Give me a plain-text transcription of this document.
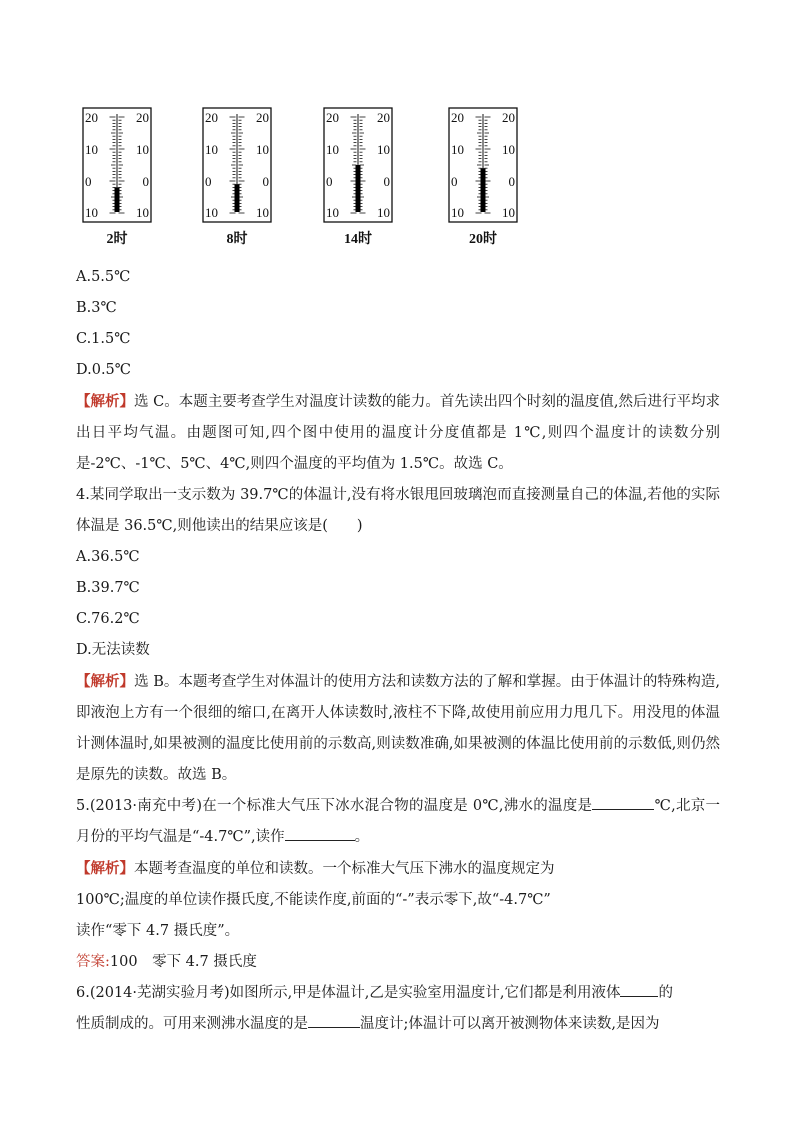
20	20
10	10
0	0
10	10
2时
20	20
10	10
0	0
10	10
8时
20	20
10	10
0	0
10	10
14时
20	20
10	10
0	0
10	10
20时

A.5.5℃

B.3℃

C.1.5℃

D.0.5℃

【解析】选 C。本题主要考查学生对温度计读数的能力。首先读出四个时刻的温度值,然后进行平均求出日平均气温。由题图可知,四个图中使用的温度计分度值都是 1℃,则四个温度计的读数分别是-2℃、-1℃、5℃、4℃,则四个温度的平均值为 1.5℃。故选 C。

4.某同学取出一支示数为 39.7℃的体温计,没有将水银甩回玻璃泡而直接测量自己的体温,若他的实际体温是 36.5℃,则他读出的结果应该是(　　)

A.36.5℃

B.39.7℃

C.76.2℃

D.无法读数

【解析】选 B。本题考查学生对体温计的使用方法和读数方法的了解和掌握。由于体温计的特殊构造,即液泡上方有一个很细的缩口,在离开人体读数时,液柱不下降,故使用前应用力甩几下。用没甩的体温计测体温时,如果被测的温度比使用前的示数高,则读数准确,如果被测的体温比使用前的示数低,则仍然是原先的读数。故选 B。

5.(2013·南充中考)在一个标准大气压下冰水混合物的温度是 0℃,沸水的温度是	℃,北京一月份的平均气温是“-4.7℃”,读作	。

【解析】本题考查温度的单位和读数。一个标准大气压下沸水的温度规定为

100℃;温度的单位读作摄氏度,不能读作度,前面的“-”表示零下,故“-4.7℃”

读作“零下 4.7 摄氏度”。

答案:100　零下 4.7 摄氏度

6.(2014·芜湖实验月考)如图所示,甲是体温计,乙是实验室用温度计,它们都是利用液体	的

性质制成的。可用来测沸水温度的是	温度计;体温计可以离开被测物体来读数,是因为
